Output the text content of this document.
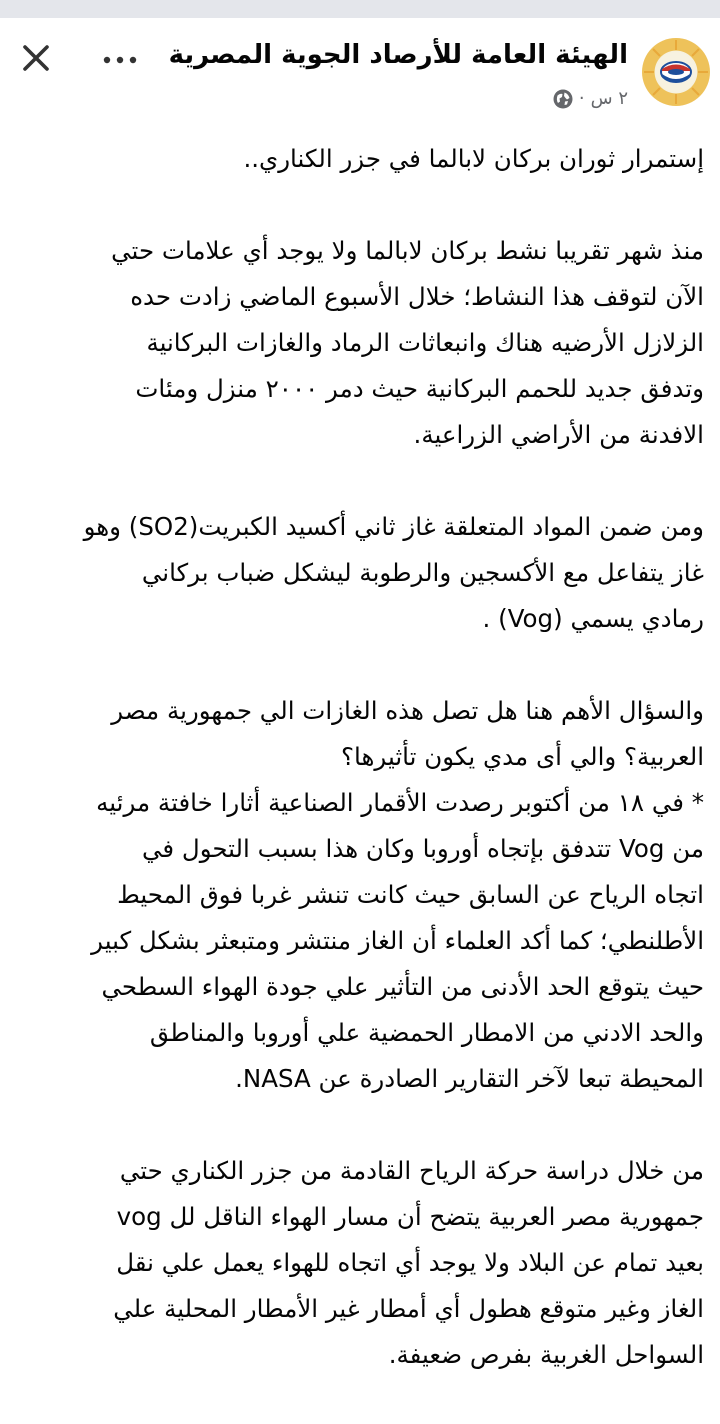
الهيئة العامة للأرصاد الجوية المصرية
٢ س
·

إستمرار ثوران بركان لابالما في جزر الكناري..

منذ شهر تقريبا نشط بركان لابالما ولا يوجد أي علامات حتي
الآن لتوقف هذا النشاط؛ خلال الأسبوع الماضي زادت حده
الزلازل الأرضيه هناك وانبعاثات الرماد والغازات البركانية
وتدفق جديد للحمم البركانية حيث دمر ٢٠٠٠ منزل ومئات
الافدنة من الأراضي الزراعية.

ومن ضمن المواد المتعلقة غاز ثاني أكسيد الكبريت(SO2) وهو
غاز يتفاعل مع الأكسجين والرطوبة ليشكل ضباب بركاني
رمادي يسمي (Vog) .

والسؤال الأهم هنا هل تصل هذه الغازات الي جمهورية مصر
العربية؟ والي أى مدي يكون تأثيرها؟
* في ١٨ من أكتوبر رصدت الأقمار الصناعية أثارا خافتة مرئيه
من Vog تتدفق بإتجاه أوروبا وكان هذا بسبب التحول في
اتجاه الرياح عن السابق حيث كانت تنشر غربا فوق المحيط
الأطلنطي؛ كما أكد العلماء أن الغاز منتشر ومتبعثر بشكل كبير
حيث يتوقع الحد الأدنى من التأثير علي جودة الهواء السطحي
والحد الادني من الامطار الحمضية علي أوروبا والمناطق
المحيطة تبعا لآخر التقارير الصادرة عن NASA.

من خلال دراسة حركة الرياح القادمة من جزر الكناري حتي
جمهورية مصر العربية يتضح أن مسار الهواء الناقل لل vog
بعيد تمام عن البلاد ولا يوجد أي اتجاه للهواء يعمل علي نقل
الغاز وغير متوقع هطول أي أمطار غير الأمطار المحلية علي
السواحل الغربية بفرص ضعيفة.
